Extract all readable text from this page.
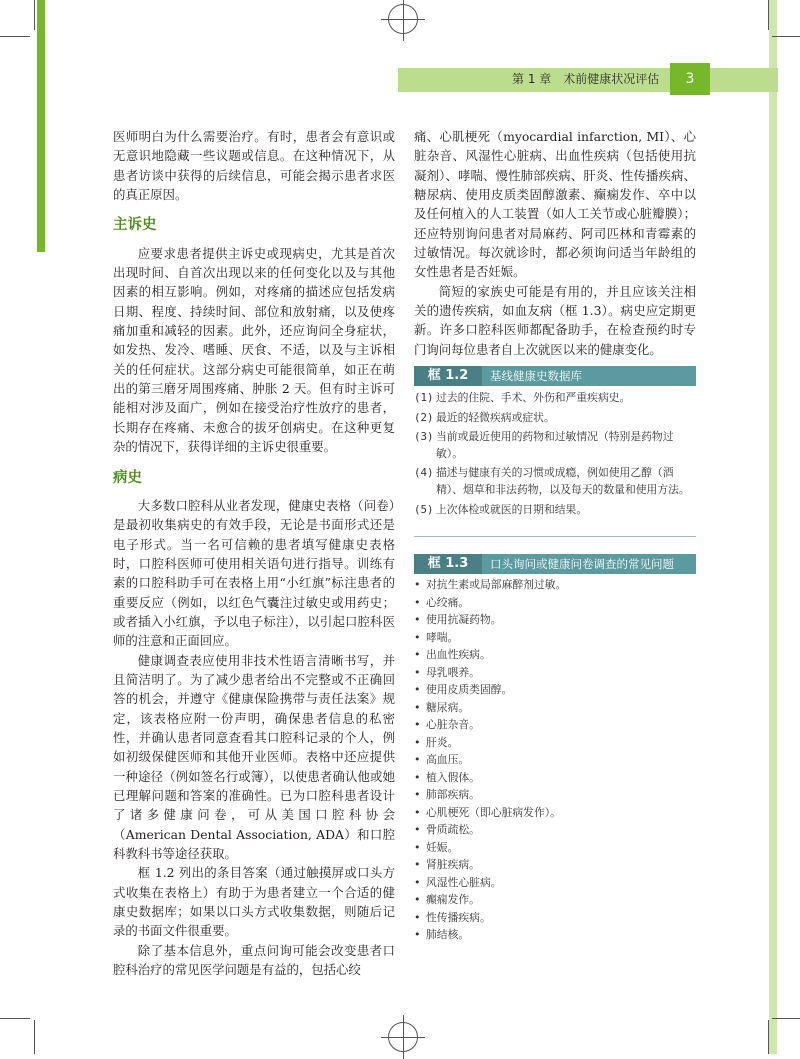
第 1 章　术前健康状况评估	3

医师明白为什么需要治疗。有时，患者会有意识或无意识地隐藏一些议题或信息。在这种情况下，从患者访谈中获得的后续信息，可能会揭示患者求医的真正原因。

主诉史

应要求患者提供主诉史或现病史，尤其是首次出现时间、自首次出现以来的任何变化以及与其他因素的相互影响。例如，对疼痛的描述应包括发病日期、程度、持续时间、部位和放射痛，以及使疼痛加重和减轻的因素。此外，还应询问全身症状，如发热、发冷、嗜睡、厌食、不适，以及与主诉相关的任何症状。这部分病史可能很简单，如正在萌出的第三磨牙周围疼痛、肿胀 2 天。但有时主诉可能相对涉及面广，例如在接受治疗性放疗的患者，长期存在疼痛、未愈合的拔牙创病史。在这种更复杂的情况下，获得详细的主诉史很重要。

病史

大多数口腔科从业者发现，健康史表格（问卷）是最初收集病史的有效手段，无论是书面形式还是电子形式。当一名可信赖的患者填写健康史表格时，口腔科医师可使用相关语句进行指导。训练有素的口腔科助手可在表格上用“小红旗”标注患者的重要反应（例如，以红色气囊注过敏史或用药史；或者插入小红旗，予以电子标注），以引起口腔科医师的注意和正面回应。

健康调查表应使用非技术性语言清晰书写，并且简洁明了。为了减少患者给出不完整或不正确回答的机会，并遵守《健康保险携带与责任法案》规定，该表格应附一份声明，确保患者信息的私密性，并确认患者同意查看其口腔科记录的个人，例如初级保健医师和其他开业医师。表格中还应提供一种途径（例如签名行或簿），以使患者确认他或她已理解问题和答案的准确性。已为口腔科患者设计了诸多健康问卷，可从美国口腔科协会（American Dental Association, ADA）和口腔科教科书等途径获取。

框 1.2 列出的条目答案（通过触摸屏或口头方式收集在表格上）有助于为患者建立一个合适的健康史数据库；如果以口头方式收集数据，则随后记录的书面文件很重要。

除了基本信息外，重点问询可能会改变患者口腔科治疗的常见医学问题是有益的，包括心绞

痛、心肌梗死（myocardial infarction, MI）、心脏杂音、风湿性心脏病、出血性疾病（包括使用抗凝剂）、哮喘、慢性肺部疾病、肝炎、性传播疾病、糖尿病、使用皮质类固醇激素、癫痫发作、卒中以及任何植入的人工装置（如人工关节或心脏瓣膜）；还应特别询问患者对局麻药、阿司匹林和青霉素的过敏情况。每次就诊时，都必须询问适当年龄组的女性患者是否妊娠。

简短的家族史可能是有用的，并且应该关注相关的遗传疾病，如血友病（框 1.3）。病史应定期更新。许多口腔科医师都配备助手，在检查预约时专门询问每位患者自上次就医以来的健康变化。

框 1.2	基线健康史数据库
(1) 过去的住院、手术、外伤和严重疾病史。
(2) 最近的轻微疾病或症状。
(3) 当前或最近使用的药物和过敏情况（特别是药物过敏）。
(4) 描述与健康有关的习惯或成瘾，例如使用乙醇（酒精）、烟草和非法药物，以及每天的数量和使用方法。
(5) 上次体检或就医的日期和结果。
框 1.3	口头询问或健康问卷调查的常见问题
• 对抗生素或局部麻醉剂过敏。
• 心绞痛。
• 使用抗凝药物。
• 哮喘。
• 出血性疾病。
• 母乳喂养。
• 使用皮质类固醇。
• 糖尿病。
• 心脏杂音。
• 肝炎。
• 高血压。
• 植入假体。
• 肺部疾病。
• 心肌梗死（即心脏病发作）。
• 骨质疏松。
• 妊娠。
• 肾脏疾病。
• 风湿性心脏病。
• 癫痫发作。
• 性传播疾病。
• 肺结核。
